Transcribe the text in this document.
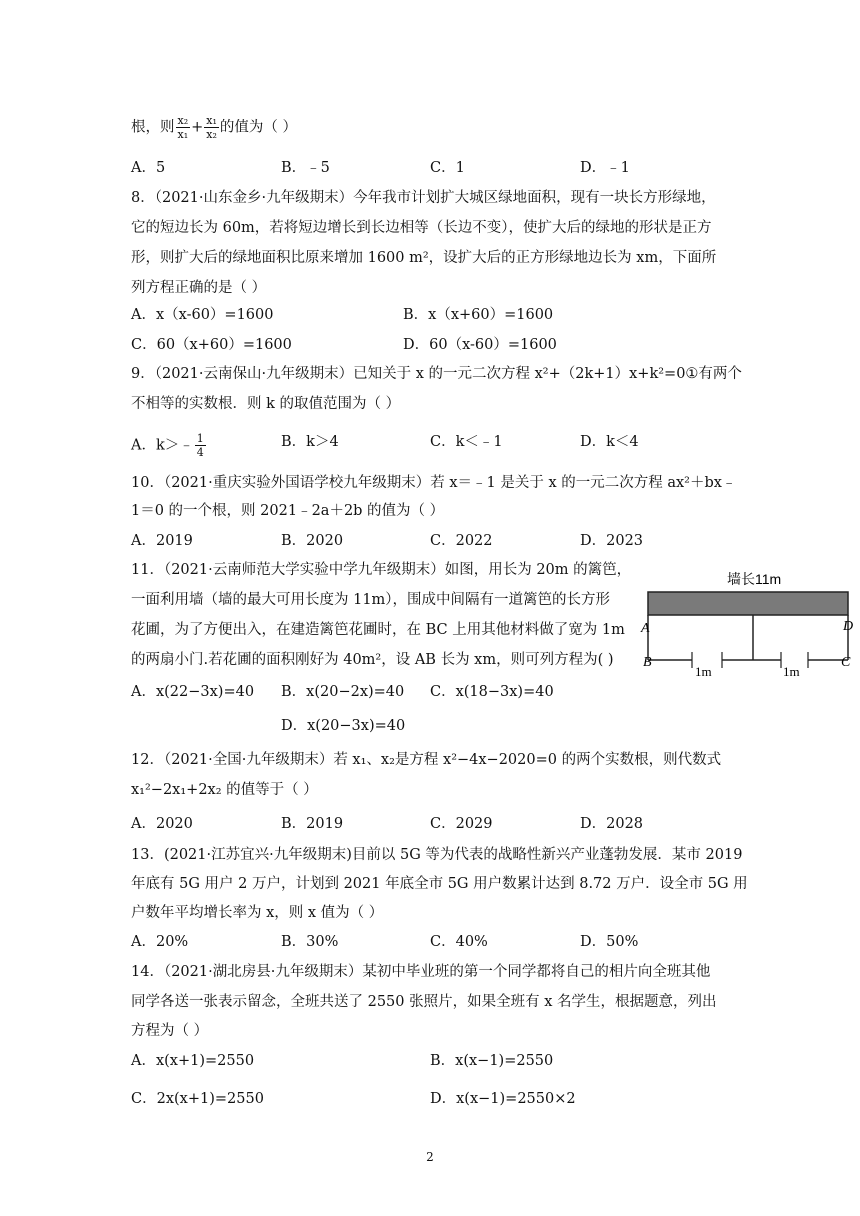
根，则 $\frac{\text{x₂}}{\text{x₁}} + \frac{\text{x₁}}{\text{x₂}}$ 的值为（ ）
A．5	B．﹣5	C．1	D．﹣1
8．（2021·山东金乡·九年级期末）今年我市计划扩大城区绿地面积，现有一块长方形绿地，
它的短边长为 60m，若将短边增长到长边相等（长边不变），使扩大后的绿地的形状是正方
形，则扩大后的绿地面积比原来增加 1600 m²，设扩大后的正方形绿地边长为 xm，下面所
列方程正确的是（ ）
A．x（x-60）=1600	B．x（x+60）=1600
C．60（x+60）=1600	D．60（x-60）=1600
9．（2021·云南保山·九年级期末）已知关于 x 的一元二次方程 x²+（2k+1）x+k²=0①有两个
不相等的实数根．则 k 的取值范围为（ ）
A．k＞﹣ $\frac{1}{4}$	B．k＞4	C．k＜﹣1	D．k＜4
10．（2021·重庆实验外国语学校九年级期末）若 x＝﹣1 是关于 x 的一元二次方程 ax²＋bx﹣
1＝0 的一个根，则 2021﹣2a＋2b 的值为（ ）
A．2019	B．2020	C．2022	D．2023
11．（2021·云南师范大学实验中学九年级期末）如图，用长为 20m 的篱笆，
一面利用墙（墙的最大可用长度为 11m），围成中间隔有一道篱笆的长方形
花圃，为了方便出入，在建造篱笆花圃时，在 BC 上用其他材料做了宽为 1m
的两扇小门.若花圃的面积刚好为 40m²，设 AB 长为 xm，则可列方程为( )
A．x(22−3x)=40 B．x(20−2x)=40 C．x(18−3x)=40
D．x(20−3x)=40
墙长11m
1m	1m
A	D
B	C
12．（2021·全国·九年级期末）若 x₁、x₂是方程 x²−4x−2020=0 的两个实数根，则代数式
x₁²−2x₁+2x₂ 的值等于（ ）
A．2020	B．2019	C．2029	D．2028
13．(2021·江苏宜兴·九年级期末)目前以 5G 等为代表的战略性新兴产业蓬勃发展．某市 2019
年底有 5G 用户 2 万户，计划到 2021 年底全市 5G 用户数累计达到 8.72 万户．设全市 5G 用
户数年平均增长率为 x，则 x 值为（ ）
A．20%	B．30%	C．40%	D．50%
14．（2021·湖北房县·九年级期末）某初中毕业班的第一个同学都将自己的相片向全班其他
同学各送一张表示留念，全班共送了 2550 张照片，如果全班有 x 名学生，根据题意，列出
方程为（ ）
A．x(x+1)=2550	B．x(x−1)=2550
C．2x(x+1)=2550	D．x(x−1)=2550×2
2
